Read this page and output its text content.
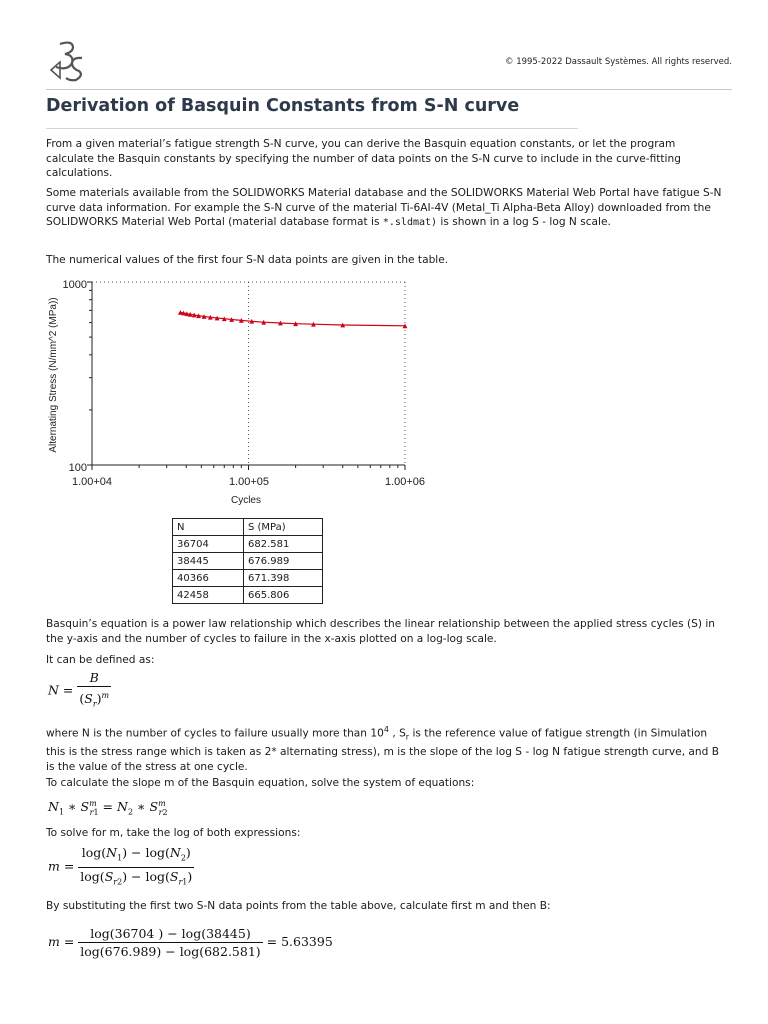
© 1995-2022 Dassault Systèmes. All rights reserved.
Derivation of Basquin Constants from S-N curve

From a given material’s fatigue strength S-N curve, you can derive the Basquin equation constants, or let the program calculate the Basquin constants by specifying the number of data points on the S-N curve to include in the curve-fitting calculations.

Some materials available from the SOLIDWORKS Material database and the SOLIDWORKS Material Web Portal have fatigue S-N curve data information. For example the S-N curve of the material Ti-6AI-4V (Metal_Ti Alpha-Beta Alloy) downloaded from the SOLIDWORKS Material Web Portal (material database format is *.sldmat) is shown in a log S - log N scale.

The numerical values of the first four S-N data points are given in the table.

Alternating Stress (N/mm^2 (MPa))
Cycles
1000
100
1.00+04	1.00+05	1.00+06
N	S (MPa)
36704	682.581
38445	676.989
40366	671.398
42458	665.806

Basquin’s equation is a power law relationship which describes the linear relationship between the applied stress cycles (S) in the y-axis and the number of cycles to failure in the x-axis plotted on a log-log scale.

It can be defined as:

$N = \frac{B}{(S_r)^m}$

where N is the number of cycles to failure usually more than $10^4$ , $S_r$ is the reference value of fatigue strength (in Simulation this is the stress range which is taken as 2* alternating stress), m is the slope of the log S - log N fatigue strength curve, and B is the value of the stress at one cycle.

To calculate the slope m of the Basquin equation, solve the system of equations:

$N_1$ ∗ $S^m_{r1} = N_2$ ∗ $S^m_{r2}$

To solve for m, take the log of both expressions:

$m = \frac{\log(N_1) - \log(N_2)}{\log(S_{r2}) - \log(S_{r1})}$

By substituting the first two S-N data points from the table above, calculate first m and then B:

$m = \frac{\log(36704 ) - \log(38445)}{\log(676.989) - \log(682.581)} = 5.63395$
